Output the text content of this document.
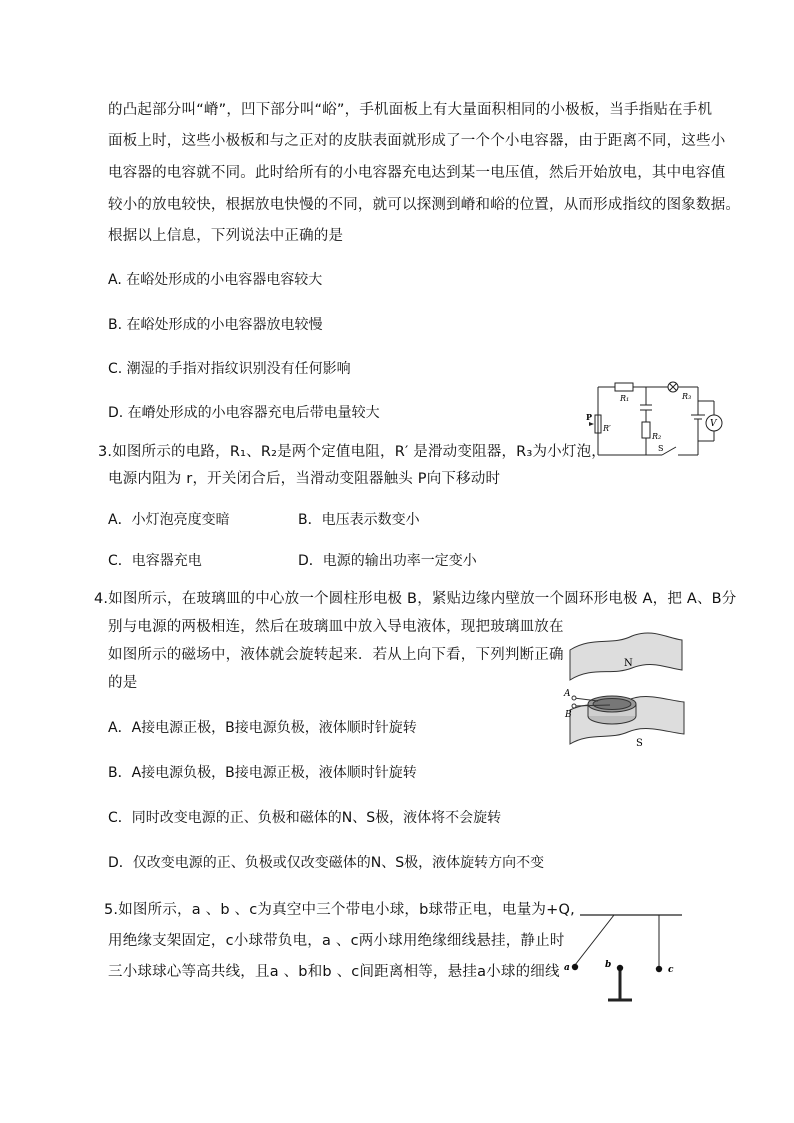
的凸起部分叫“嵴”，凹下部分叫“峪”，手机面板上有大量面积相同的小极板，当手指贴在手机
面板上时，这些小极板和与之正对的皮肤表面就形成了一个个小电容器，由于距离不同，这些小
电容器的电容就不同。此时给所有的小电容器充电达到某一电压值，然后开始放电，其中电容值
较小的放电较快，根据放电快慢的不同，就可以探测到嵴和峪的位置，从而形成指纹的图象数据。
根据以上信息，下列说法中正确的是
A. 在峪处形成的小电容器电容较大
B. 在峪处形成的小电容器放电较慢
C. 潮湿的手指对指纹识别没有任何影响
D. 在嵴处形成的小电容器充电后带电量较大
3.如图所示的电路，R₁、R₂是两个定值电阻，R′ 是滑动变阻器，R₃为小灯泡，
电源内阻为 r，开关闭合后，当滑动变阻器触头 P向下移动时
A．小灯泡亮度变暗	B．电压表示数变小
C．电容器充电	D．电源的输出功率一定变小
R₁
R₂
R₃
R′
P
S
V
4.如图所示，在玻璃皿的中心放一个圆柱形电极 B，紧贴边缘内壁放一个圆环形电极 A，把 A、B分
别与电源的两极相连，然后在玻璃皿中放入导电液体，现把玻璃皿放在
如图所示的磁场中，液体就会旋转起来．若从上向下看，下列判断正确
的是
A．A接电源正极，B接电源负极，液体顺时针旋转
B．A接电源负极，B接电源正极，液体顺时针旋转
C．同时改变电源的正、负极和磁体的N、S极，液体将不会旋转
D．仅改变电源的正、负极或仅改变磁体的N、S极，液体旋转方向不变
N
S
A
B
5.如图所示，a 、b 、c为真空中三个带电小球，b球带正电，电量为+Q,
用绝缘支架固定，c小球带负电，a 、c两小球用绝缘细线悬挂，静止时
三小球球心等高共线，且a 、b和b 、c间距离相等，悬挂a小球的细线 a	b	c
